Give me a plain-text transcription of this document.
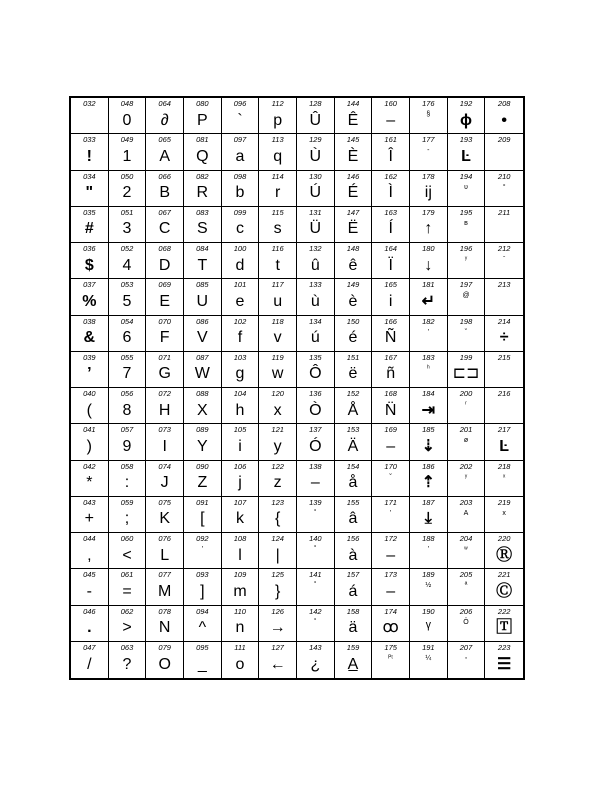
032	048
0
064
∂
080
P
096
`
112
p
128
Û
144
Ê
160
–
176
§
192
ϕ
208
•
033
!
049
1
065
A
081
Q
097
a
113
q
129
Ù
145
È
161
Î
177
-
193
Ŀ
209
034
"
050
2
066
B
082
R
098
b
114
r
130
Ú
146
É
162
Ì
178
ij
194
ʋ
210
°
035
#
051
3
067
C
083
S
099
c
115
s
131
Ü
147
Ë
163
Í
179
↑
195
ʙ
211
036
$
052
4
068
D
084
T
100
d
116
t
132
û
148
ê
164
Ï
180
↓
196
ʸ
212
ˉ
037
%
053
5
069
E
085
U
101
e
117
u
133
ù
149
è
165
i
181
↵
197
@
213
038
&
054
6
070
F
086
V
102
f
118
v
134
ú
150
é
166
Ñ
182
'
198
˘
214
÷
039
’
055
7
071
G
087
W
103
g
119
w
135
Ô
151
ë
167
ñ
183
ʰ
199
⊏⊐
215
040
(
056
8
072
H
088
X
104
h
120
x
136
Ò
152
Å
168
N̈
184
⇥
200
ʳ
216
041
)
057
9
073
I
089
Y
105
i
121
y
137
Ó
153
Ä
169
–
185
⇣
201
ø
217
Ŀ
042
*
058
:
074
J
090
Z
106
j
122
z
138
–
154
å
170
˘
186
⇡
202
ʸ
218
ˣ
043
+
059
;
075
K
091
[
107
k
123
{
139
˚
155
â
171
'
187
⤓
203
A
219
x
044
,
060
<
076
L
092
'
108
l
124
|
140
˚
156
à
172
–
188
'
204
ʷ
220
Ⓡ
045
-
061
=
077
M
093
]
109
m
125
}
141
˚
157
á
173
–
189
½
205
ª
221
Ⓒ
046
.
062
>
078
N
094
^
110
n
126
→
142
˚
158
ä
174
ꝏ
190
ᵞ
206
Ö
222
🅃
047
/
063
?
079
O
095
_
111
o
127
←
143
¿
159
A̲
175
ᴾᵗ
191
¼
207
◦
223
☰
